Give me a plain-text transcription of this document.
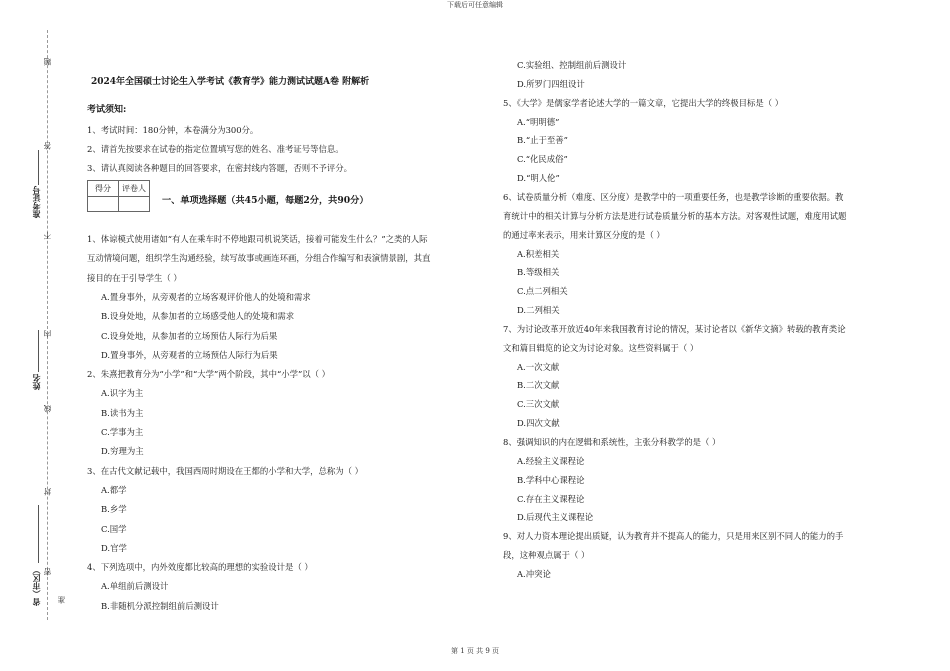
下载后可任意编辑
题
答
不
内
线
封
密
准
准考证号
姓名
省（市区）
2024年全国硕士讨论生入学考试《教育学》能力测试试题A卷 附解析
考试须知:
1、考试时间：180分钟，本卷满分为300分。
2、请首先按要求在试卷的指定位置填写您的姓名、准考证号等信息。
3、请认真阅读各种题目的回答要求，在密封线内答题，否则不予评分。
得分	评卷人

一、单项选择题（共45小题，每题2分，共90分）
1、体谅模式使用诸如“有人在乘车时不停地跟司机说笑话，接着可能发生什么？”之类的人际
互动情境问题，组织学生沟通经验，续写故事或画连环画，分组合作编写和表演情景剧，其直
接目的在于引导学生（ ）
A.置身事外，从旁观者的立场客观评价他人的处境和需求
B.设身处地，从参加者的立场感受他人的处境和需求
C.设身处地，从参加者的立场预估人际行为后果
D.置身事外，从旁观者的立场预估人际行为后果
2、朱熹把教育分为“小学”和“大学”两个阶段，其中“小学”以（ ）
A.识字为主
B.读书为主
C.学事为主
D.穷理为主
3、在古代文献记载中，我国西周时期设在王都的小学和大学，总称为（ ）
A.都学
B.乡学
C.国学
D.官学
4、下列选项中，内外效度都比较高的理想的实验设计是（ ）
A.单组前后测设计
B.非随机分派控制组前后测设计
C.实验组、控制组前后测设计
D.所罗门四组设计
5、《大学》是儒家学者论述大学的一篇文章，它提出大学的终极目标是（ ）
A.“明明德”
B.“止于至善”
C.“化民成俗”
D.“明人伦”
6、试卷质量分析（难度、区分度）是教学中的一项重要任务，也是教学诊断的重要依据。教
育统计中的相关计算与分析方法是进行试卷质量分析的基本方法。对客观性试题，难度用试题
的通过率来表示，用来计算区分度的是（ ）
A.积差相关
B.等级相关
C.点二列相关
D.二列相关
7、为讨论改革开放近40年来我国教育讨论的情况，某讨论者以《新华文摘》转载的教育类论
文和篇目辑览的论文为讨论对象。这些资料属于（ ）
A.一次文献
B.二次文献
C.三次文献
D.四次文献
8、强调知识的内在逻辑和系统性，主张分科教学的是（ ）
A.经验主义课程论
B.学科中心课程论
C.存在主义课程论
D.后现代主义课程论
9、对人力资本理论提出质疑，认为教育并不提高人的能力，只是用来区别不同人的能力的手
段，这种观点属于（ ）
A.冲突论
第 1 页 共 9 页
